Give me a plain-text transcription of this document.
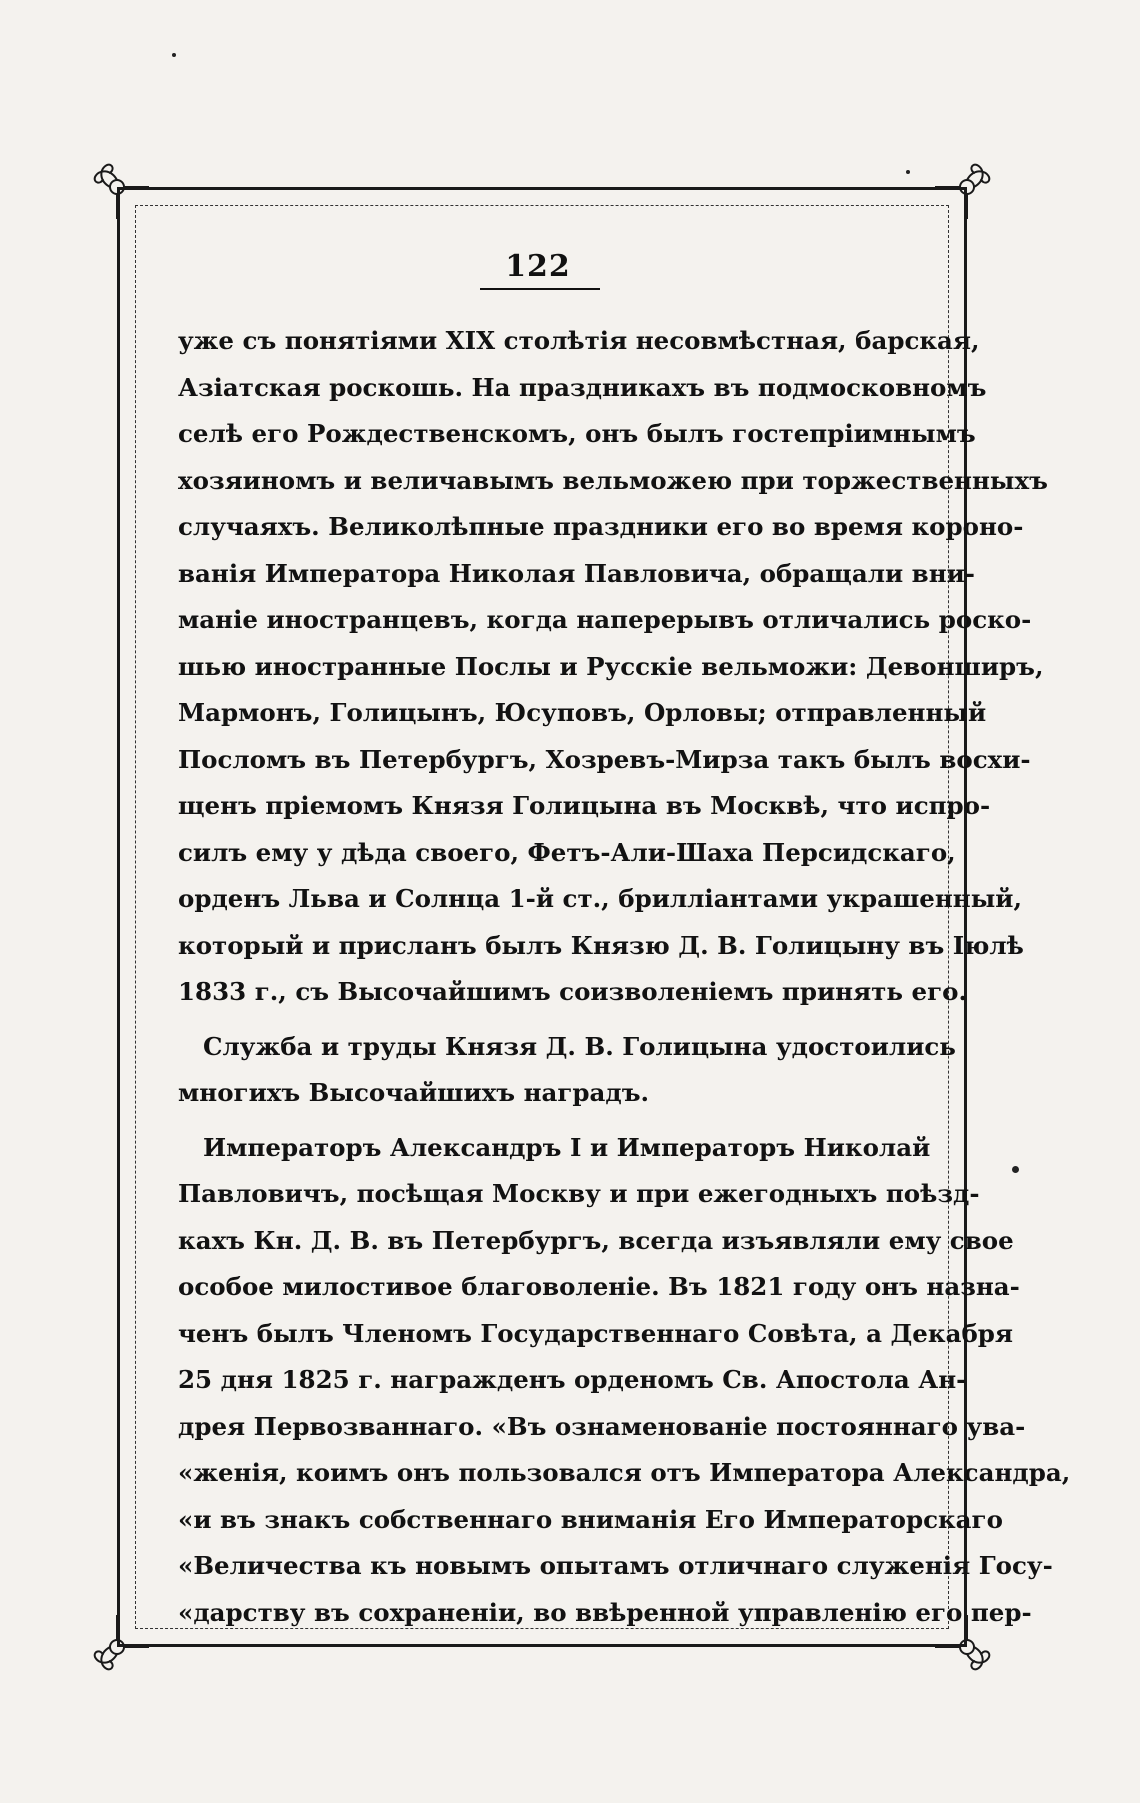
122
уже съ понятіями XIX столѣтія несовмѣстная, барская,
Азіатская роскошь. На праздникахъ въ подмосковномъ
селѣ его Рождественскомъ, онъ былъ гостепріимнымъ
хозяиномъ и величавымъ вельможею при торжественныхъ
случаяхъ. Великолѣпные праздники его во время короно-
ванія Императора Николая Павловича, обращали вни-
маніе иностранцевъ, когда наперерывъ отличались роско-
шью иностранные Послы и Русскіе вельможи: Девонширъ,
Мармонъ, Голицынъ, Юсуповъ, Орловы; отправленный
Посломъ въ Петербургъ, Хозревъ-Мирза такъ былъ восхи-
щенъ пріемомъ Князя Голицына въ Москвѣ, что испро-
силъ ему у дѣда своего, Фетъ-Али-Шаха Персидскаго,
орденъ Льва и Солнца 1-й ст., бриллiантами украшенный,
который и присланъ былъ Князю Д. В. Голицыну въ Іюлѣ
1833 г., съ Высочайшимъ соизволеніемъ принять его.
Служба и труды Князя Д. В. Голицына удостоились
многихъ Высочайшихъ наградъ.
Императоръ Александръ I и Императоръ Николай
Павловичъ, посѣщая Москву и при ежегодныхъ поѣзд-
кахъ Кн. Д. В. въ Петербургъ, всегда изъявляли ему свое
особое милостивое благоволеніе. Въ 1821 году онъ назна-
ченъ былъ Членомъ Государственнаго Совѣта, а Декабря
25 дня 1825 г. награжденъ орденомъ Св. Апостола Ан-
дрея Первозваннаго. «Въ ознаменованіе постояннаго ува-
«женія, коимъ онъ пользовался отъ Императора Александра,
«и въ знакъ собственнаго вниманія Его Императорскаго
«Величества къ новымъ опытамъ отличнаго служенія Госу-
«дарству въ сохраненіи, во ввѣренной управленію его пер-
